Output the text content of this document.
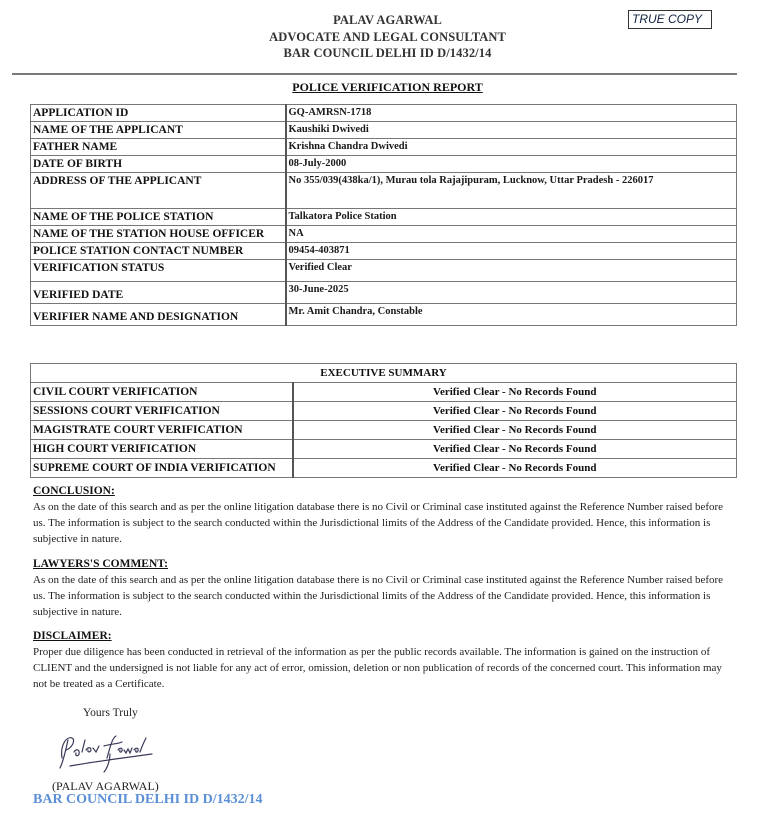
PALAV AGARWAL
ADVOCATE AND LEGAL CONSULTANT
BAR COUNCIL DELHI ID D/1432/14
TRUE COPY
POLICE VERIFICATION REPORT
APPLICATION ID	GQ-AMRSN-1718
NAME OF THE APPLICANT	Kaushiki Dwivedi
FATHER NAME	Krishna Chandra Dwivedi
DATE OF BIRTH	08-July-2000
ADDRESS OF THE APPLICANT	No 355/039(438ka/1), Murau tola Rajajipuram, Lucknow, Uttar Pradesh - 226017
NAME OF THE POLICE STATION	Talkatora Police Station
NAME OF THE STATION HOUSE OFFICER	NA
POLICE STATION CONTACT NUMBER	09454-403871
VERIFICATION STATUS	Verified Clear
VERIFIED DATE	30-June-2025
VERIFIER NAME AND DESIGNATION	Mr. Amit Chandra, Constable
EXECUTIVE SUMMARY	
CIVIL COURT VERIFICATION	Verified Clear - No Records Found
SESSIONS COURT VERIFICATION	Verified Clear - No Records Found
MAGISTRATE COURT VERIFICATION	Verified Clear - No Records Found
HIGH COURT VERIFICATION	Verified Clear - No Records Found
SUPREME COURT OF INDIA VERIFICATION	Verified Clear - No Records Found
CONCLUSION:
As on the date of this search and as per the online litigation database there is no Civil or Criminal case instituted against the Reference Number raised before us. The information is subject to the search conducted within the Jurisdictional limits of the Address of the Candidate provided. Hence, this information is subjective in nature.
LAWYERS'S COMMENT:
As on the date of this search and as per the online litigation database there is no Civil or Criminal case instituted against the Reference Number raised before us. The information is subject to the search conducted within the Jurisdictional limits of the Address of the Candidate provided. Hence, this information is subjective in nature.
DISCLAIMER:
Proper due diligence has been conducted in retrieval of the information as per the public records available. The information is gained on the instruction of CLIENT and the undersigned is not liable for any act of error, omission, deletion or non publication of records of the concerned court. This information may not be treated as a Certificate.
Yours Truly
(PALAV AGARWAL)
BAR COUNCIL DELHI ID D/1432/14
